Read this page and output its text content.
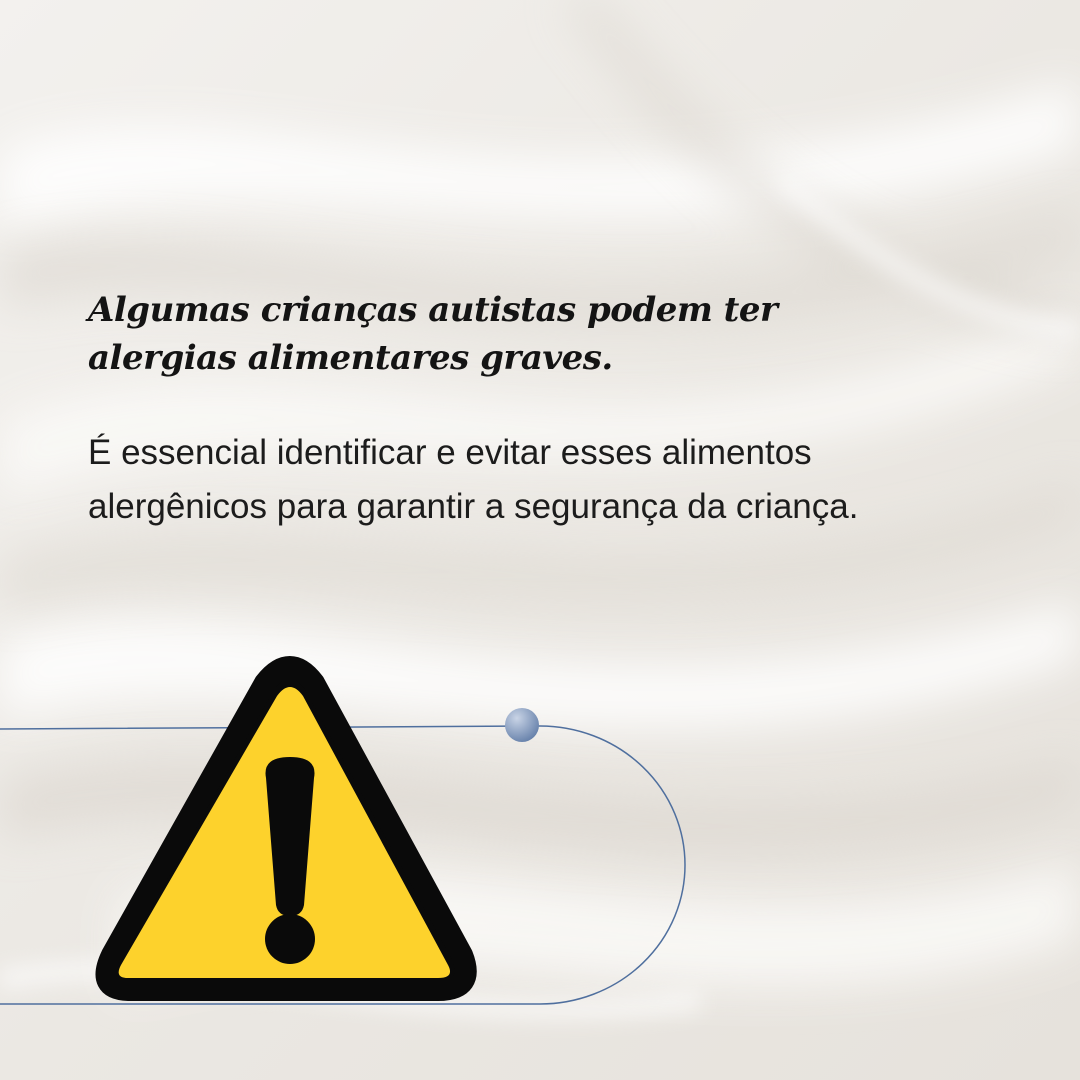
Algumas crianças autistas podem ter
alergias alimentares graves.

É essencial identificar e evitar esses alimentos
alergênicos para garantir a segurança da criança.
